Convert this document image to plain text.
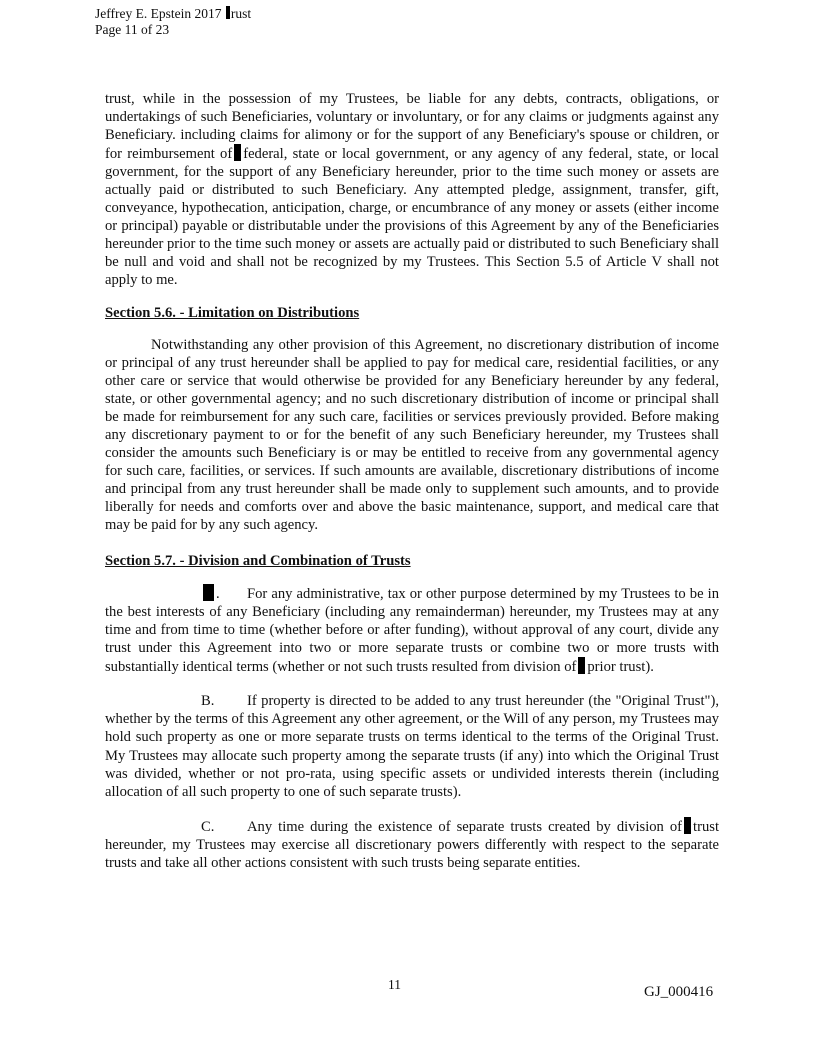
Jeffrey E. Epstein 2017 rust
Page 11 of 23

trust, while in the possession of my Trustees, be liable for any debts, contracts, obligations, or undertakings of such Beneficiaries, voluntary or involuntary, or for any claims or judgments against any Beneficiary. including claims for alimony or for the support of any Beneficiary's spouse or children, or for reimbursement of federal, state or local government, or any agency of any federal, state, or local government, for the support of any Beneficiary hereunder, prior to the time such money or assets are actually paid or distributed to such Beneficiary. Any attempted pledge, assignment, transfer, gift, conveyance, hypothecation, anticipation, charge, or encumbrance of any money or assets (either income or principal) payable or distributable under the provisions of this Agreement by any of the Beneficiaries hereunder prior to the time such money or assets are actually paid or distributed to such Beneficiary shall be null and void and shall not be recognized by my Trustees. This Section 5.5 of Article V shall not apply to me.

Section 5.6. - Limitation on Distributions

Notwithstanding any other provision of this Agreement, no discretionary distribution of income or principal of any trust hereunder shall be applied to pay for medical care, residential facilities, or any other care or service that would otherwise be provided for any Beneficiary hereunder by any federal, state, or other governmental agency; and no such discretionary distribution of income or principal shall be made for reimbursement for any such care, facilities or services previously provided. Before making any discretionary payment to or for the benefit of any such Beneficiary hereunder, my Trustees shall consider the amounts such Beneficiary is or may be entitled to receive from any governmental agency for such care, facilities, or services. If such amounts are available, discretionary distributions of income and principal from any trust hereunder shall be made only to supplement such amounts, and to provide liberally for needs and comforts over and above the basic maintenance, support, and medical care that may be paid for by any such agency.

Section 5.7. - Division and Combination of Trusts

. For any administrative, tax or other purpose determined by my Trustees to be in the best interests of any Beneficiary (including any remainderman) hereunder, my Trustees may at any time and from time to time (whether before or after funding), without approval of any court, divide any trust under this Agreement into two or more separate trusts or combine two or more trusts with substantially identical terms (whether or not such trusts resulted from division of prior trust).

B. If property is directed to be added to any trust hereunder (the "Original Trust"), whether by the terms of this Agreement any other agreement, or the Will of any person, my Trustees may hold such property as one or more separate trusts on terms identical to the terms of the Original Trust. My Trustees may allocate such property among the separate trusts (if any) into which the Original Trust was divided, whether or not pro-rata, using specific assets or undivided interests therein (including allocation of all such property to one of such separate trusts).

C. Any time during the existence of separate trusts created by division of trust hereunder, my Trustees may exercise all discretionary powers differently with respect to the separate trusts and take all other actions consistent with such trusts being separate entities.

11	GJ_000416
